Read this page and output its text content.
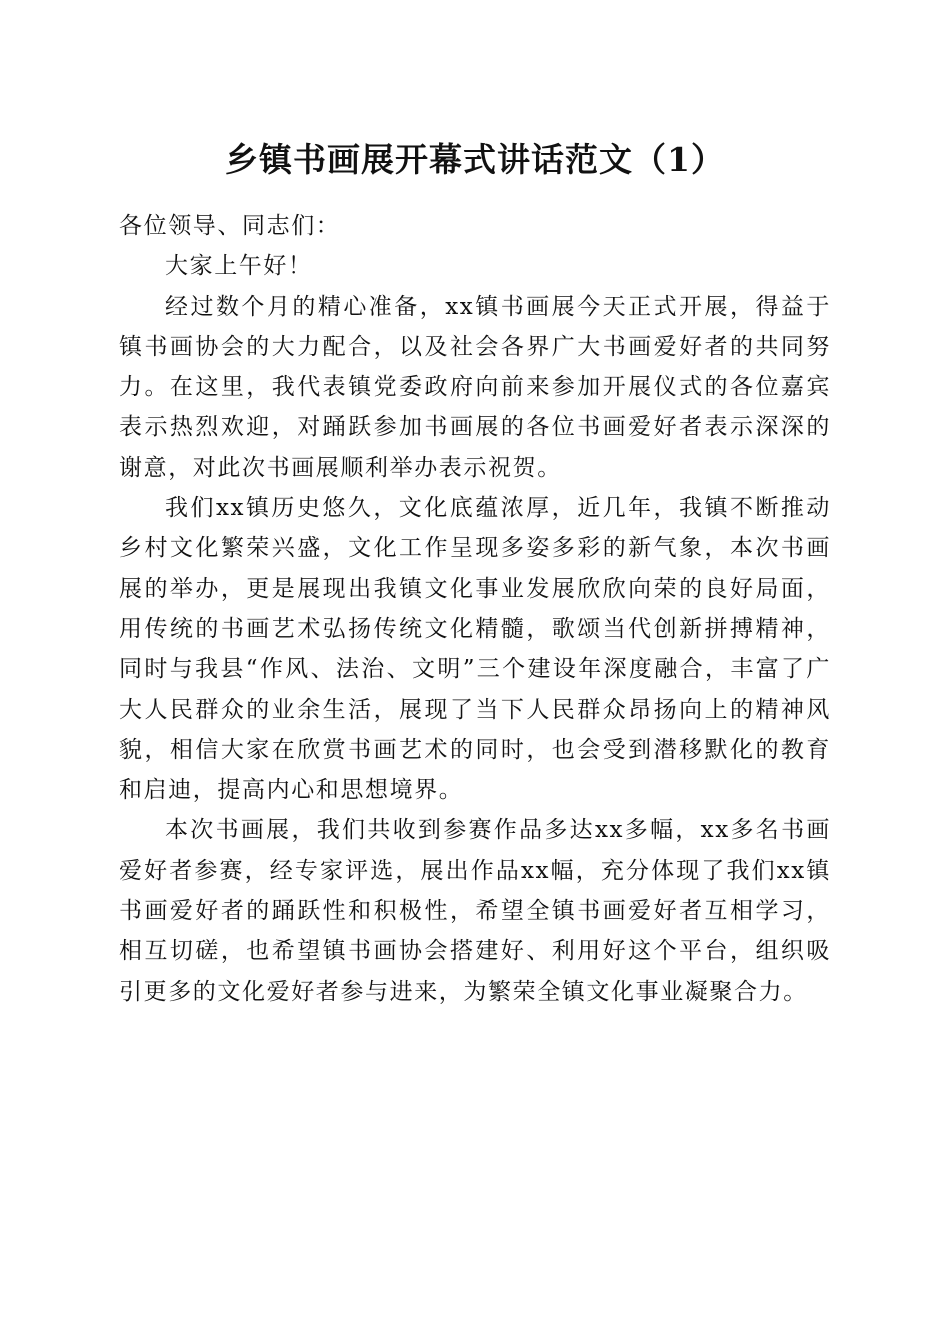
乡镇书画展开幕式讲话范文（1）

各位领导、同志们：

大家上午好！

经过数个月的精心准备，xx镇书画展今天正式开展，得益于镇书画协会的大力配合，以及社会各界广大书画爱好者的共同努力。在这里，我代表镇党委政府向前来参加开展仪式的各位嘉宾表示热烈欢迎，对踊跃参加书画展的各位书画爱好者表示深深的谢意，对此次书画展顺利举办表示祝贺。

我们xx镇历史悠久，文化底蕴浓厚，近几年，我镇不断推动乡村文化繁荣兴盛，文化工作呈现多姿多彩的新气象，本次书画展的举办，更是展现出我镇文化事业发展欣欣向荣的良好局面，用传统的书画艺术弘扬传统文化精髓，歌颂当代创新拼搏精神，同时与我县“作风、法治、文明”三个建设年深度融合，丰富了广大人民群众的业余生活，展现了当下人民群众昂扬向上的精神风貌，相信大家在欣赏书画艺术的同时，也会受到潜移默化的教育和启迪，提高内心和思想境界。

本次书画展，我们共收到参赛作品多达xx多幅，xx多名书画爱好者参赛，经专家评选，展出作品xx幅，充分体现了我们xx镇书画爱好者的踊跃性和积极性，希望全镇书画爱好者互相学习，相互切磋，也希望镇书画协会搭建好、利用好这个平台，组织吸引更多的文化爱好者参与进来，为繁荣全镇文化事业凝聚合力。
